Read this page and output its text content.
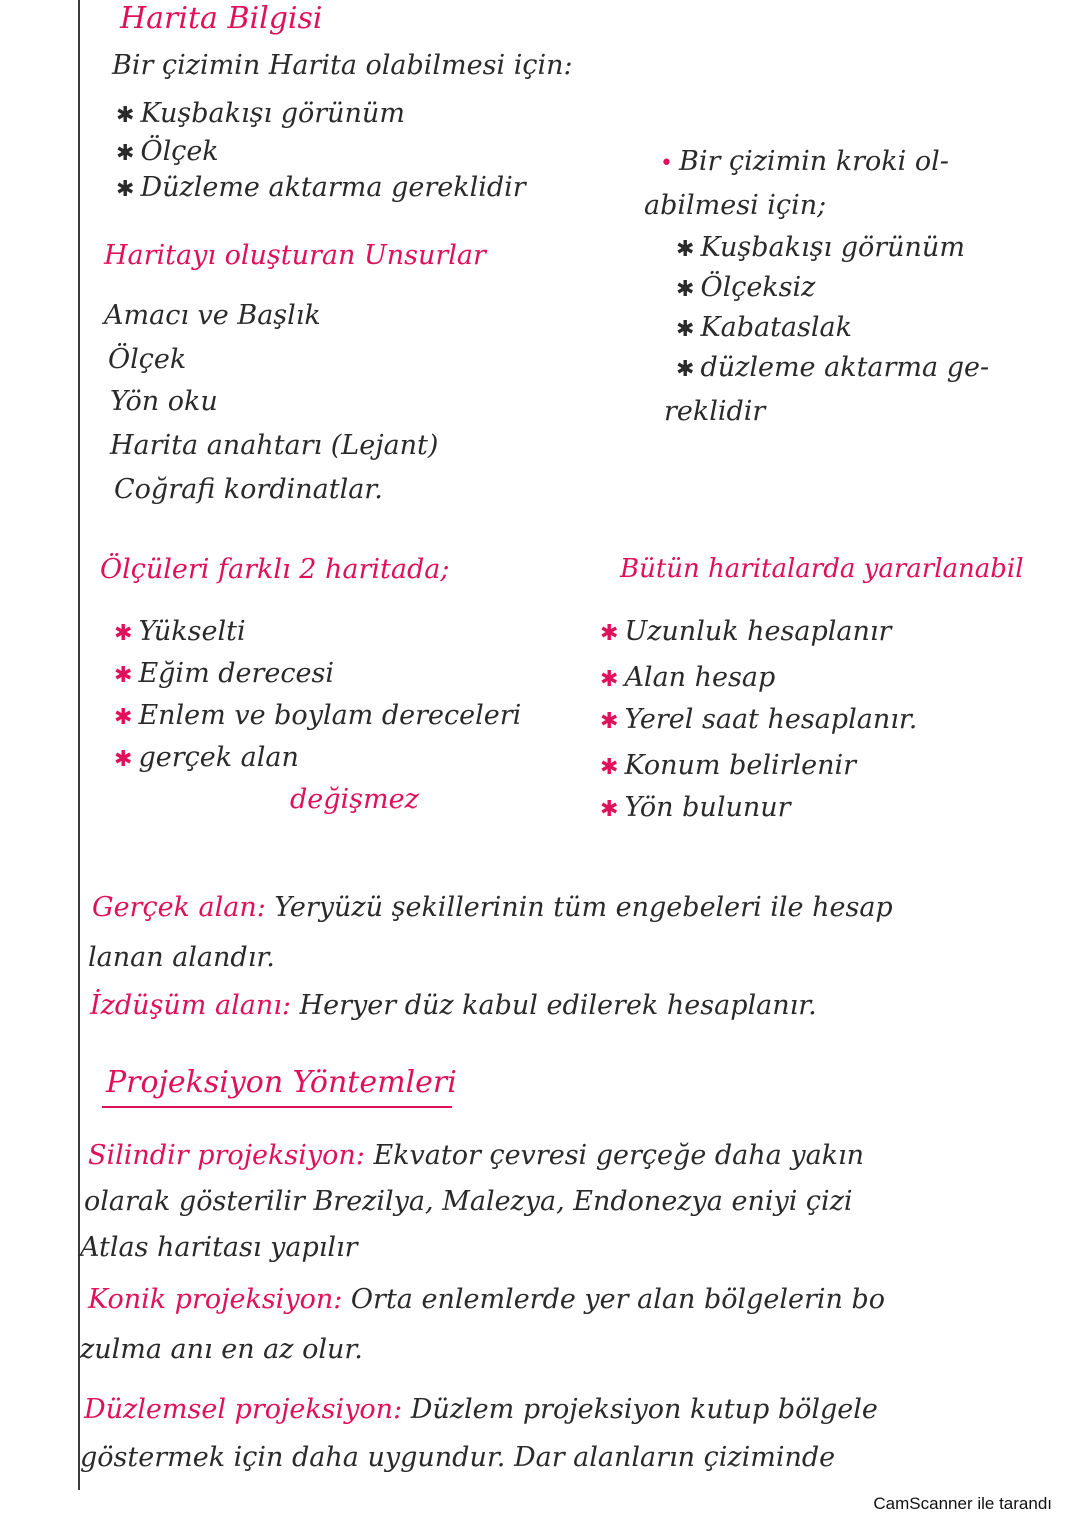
Harita Bilgisi
Bir çizimin Harita olabilmesi için:
✱ Kuşbakışı görünüm
✱ Ölçek
✱ Düzleme aktarma gereklidir
• Bir çizimin kroki ol-
abilmesi için;
✱ Kuşbakışı görünüm
✱ Ölçeksiz
✱ Kabataslak
✱ düzleme aktarma ge-
reklidir
Haritayı oluşturan Unsurlar
Amacı ve Başlık
Ölçek
Yön oku
Harita anahtarı (Lejant)
Coğrafi kordinatlar.
Ölçüleri farklı 2 haritada;
✱ Yükselti
✱ Eğim derecesi
✱ Enlem ve boylam dereceleri
✱ gerçek alan
değişmez
Bütün haritalarda yararlanabil
✱ Uzunluk hesaplanır
✱ Alan hesap
✱ Yerel saat hesaplanır.
✱ Konum belirlenir
✱ Yön bulunur
Gerçek alan: Yeryüzü şekillerinin tüm engebeleri ile hesap
lanan alandır.
İzdüşüm alanı: Heryer düz kabul edilerek hesaplanır.
Projeksiyon Yöntemleri
Silindir projeksiyon: Ekvator çevresi gerçeğe daha yakın
olarak gösterilir Brezilya, Malezya, Endonezya eniyi çizi
Atlas haritası yapılır
Konik projeksiyon: Orta enlemlerde yer alan bölgelerin bo
zulma anı en az olur.
Düzlemsel projeksiyon: Düzlem projeksiyon kutup bölgele
göstermek için daha uygundur. Dar alanların çiziminde
CamScanner ile tarandı
